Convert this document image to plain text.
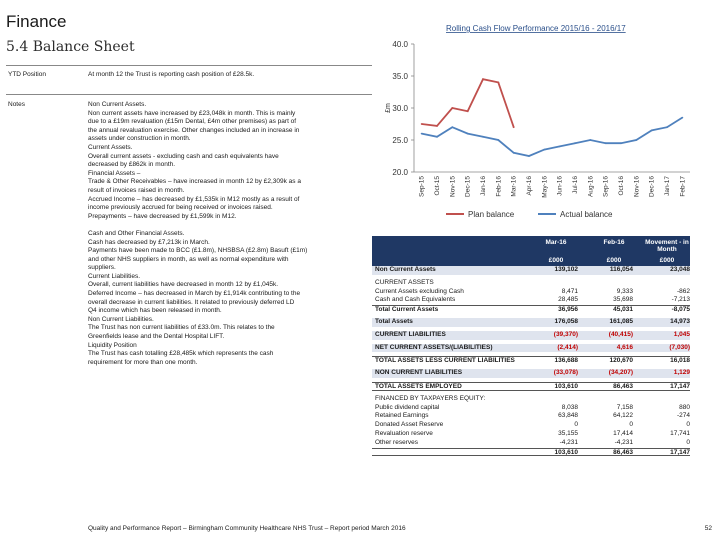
Finance
5.4 Balance Sheet
YTD Position	At month 12 the Trust is reporting cash position of £28.5k.
Notes	Non Current Assets.
Non current assets have increased by £23,048k in month. This is mainly
due to a £19m revaluation (£15m Dental, £4m other premises) as part of
the annual revaluation exercise. Other changes included an in increase in
assets under construction in month.
Current Assets.
Overall current assets - excluding cash and cash equivalents have
decreased by £862k in month.
Financial Assets –
Trade & Other Receivables – have increased in month 12 by £2,309k as a
result of invoices raised in month.
Accrued Income – has decreased by £1,535k in M12 mostly as a result of
income previously accrued for being received or invoices raised.
Prepayments – have decreased by £1,599k in M12.

Cash and Other Financial Assets.
Cash has decreased by £7,213k in March.
Payments have been made to BCC (£1.8m), NHSBSA (£2.8m) Basuft (£1m)
and other NHS suppliers in month, as well as normal expenditure with
suppliers.
Current Liabilities.
Overall, current liabilities have decreased in month 12 by £1,045k.
Deferred Income – has decreased in March by £1,914k contributing to the
overall decrease in current liabilities. It related to previously deferred LD
Q4 income which has been released in month.
Non Current Liabilities.
The Trust has non current liabilities of £33.0m. This relates to the
Greenfields lease and the Dental Hospital LIFT.
Liquidity Position
The Trust has cash totalling £28,485k which represents the cash
requirement for more than one month.
Rolling Cash Flow Performance 2015/16 - 2016/17
20.0
25.0
30.0
35.0
40.0
£m
Sep-15 Oct-15 Nov-15 Dec-15 Jan-16 Feb-16 Mar-16 Apr-16 May-16 Jun-16 Jul-16 Aug-16 Sep-16 Oct-16 Nov-16 Dec-16 Jan-17 Feb-17
Plan balance	Actual balance
Mar-16	Feb-16	Movement - in Month
£000	£000	£000
Non Current Assets	139,102	116,054	23,048
CURRENT ASSETS
Current Assets excluding Cash	8,471	9,333	-862
Cash and Cash Equivalents	28,485	35,698	-7,213
Total Current Assets	36,956	45,031	-8,075
Total Assets	176,058	161,085	14,973
CURRENT LIABILITIES	(39,370)	(40,415)	1,045
NET CURRENT ASSETS/(LIABILITIES)	(2,414)	4,616	(7,030)
TOTAL ASSETS LESS CURRENT LIABILITIES	136,688	120,670	16,018
NON CURRENT LIABILITIES	(33,078)	(34,207)	1,129
TOTAL ASSETS EMPLOYED	103,610	86,463	17,147
FINANCED BY TAXPAYERS EQUITY:
Public dividend capital	8,038	7,158	880
Retained Earnings	63,848	64,122	-274
Donated Asset Reserve	0	0	0
Revaluation reserve	35,155	17,414	17,741
Other reserves	-4,231	-4,231	0
103,610	86,463	17,147
Quality and Performance Report – Birmingham Community Healthcare NHS Trust – Report period March 2016	52
